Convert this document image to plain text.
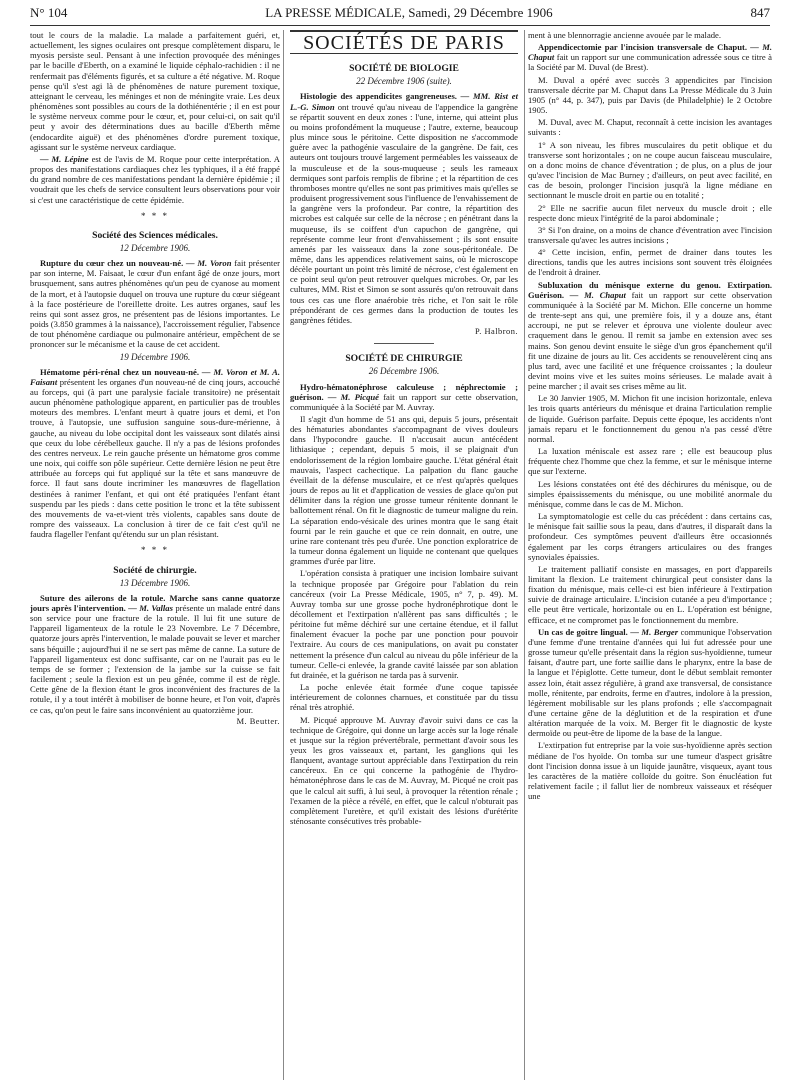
N° 104	LA PRESSE MÉDICALE, Samedi, 29 Décembre 1906	847

tout le cours de la maladie. La malade a parfaitement guéri, et, actuellement, les signes oculaires ont presque complètement disparu, le myosis persiste seul. Pensant à une infection provoquée des méninges par le bacille d'Eberth, on a examiné le liquide céphalo-rachidien : il ne renfermait pas d'éléments figurés, et sa culture a été négative. M. Roque pense qu'il s'est agi là de phénomènes de nature purement toxique, atteignant le cerveau, les méninges et non de méningite vraie. Les deux phénomènes sont possibles au cours de la dothiénentérie ; il en est pour le système nerveux comme pour le cœur, et, pour celui-ci, on sait qu'il peut y avoir des déterminations dues au bacille d'Eberth même (endocardite aiguë) et des phénomènes d'ordre purement toxique, agissant sur le système nerveux cardiaque.

— M. Lépine est de l'avis de M. Roque pour cette interprétation. A propos des manifestations cardiaques chez les typhiques, il a été frappé du grand nombre de ces manifestations pendant la dernière épidémie ; il voudrait que les chefs de service consultent leurs observations pour voir si c'est une caractéristique de cette épidémie.

* * *
Société des Sciences médicales.
12 Décembre 1906.

Rupture du cœur chez un nouveau-né. — M. Voron fait présenter par son interne, M. Faisaat, le cœur d'un enfant âgé de onze jours, mort brusquement, sans autres phénomènes qu'un peu de cyanose au moment de la mort, et à l'autopsie duquel on trouva une rupture du cœur siégeant à la face postérieure de l'oreillette droite. Les autres organes, sauf les reins qui sont assez gros, ne présentent pas de lésions importantes. Le poids (3.850 grammes à la naissance), l'accroissement régulier, l'absence de tout phénomène cardiaque ou pulmonaire antérieur, empêchent de se prononcer sur le mécanisme et la cause de cet accident.

19 Décembre 1906.

Hématome péri-rénal chez un nouveau-né. — M. Voron et M. A. Faisant présentent les organes d'un nouveau-né de cinq jours, accouché au forceps, qui (à part une paralysie faciale transitoire) ne présentait aucun phénomène pathologique apparent, en particulier pas de troubles moteurs des membres. L'enfant meurt à quatre jours et demi, et l'on trouve, à l'autopsie, une suffusion sanguine sous-dure-mérienne, à gauche, au niveau du lobe occipital dont les vaisseaux sont dilatés ainsi que ceux du lobe cérébelleux gauche. Il n'y a pas de lésions profondes des centres nerveux. Le rein gauche présente un hématome gros comme une noix, qui coiffe son pôle supérieur. Cette dernière lésion ne peut être attribuée au forceps qui fut appliqué sur la tête et sans manœuvre de force. Il faut sans doute incriminer les manœuvres de flagellation destinées à ranimer l'enfant, et qui ont été pratiquées l'enfant étant suspendu par les pieds : dans cette position le tronc et la tête subissent des mouvements de va-et-vient très violents, capables sans doute de rompre des vaisseaux. La conclusion à tirer de ce fait c'est qu'il ne faudra flageller l'enfant qu'étendu sur un plan résistant.

* * *
Société de chirurgie.
13 Décembre 1906.

Suture des ailerons de la rotule. Marche sans canne quatorze jours après l'intervention. — M. Vallas présente un malade entré dans son service pour une fracture de la rotule. Il lui fit une suture de l'appareil ligamenteux de la rotule le 23 Novembre. Le 7 Décembre, quatorze jours après l'intervention, le malade pouvait se lever et marcher sans béquille ; aujourd'hui il ne se sert pas même de canne. La suture de l'appareil ligamenteux est donc suffisante, car on ne l'aurait pas eu le temps de se former ; l'extension de la jambe sur la cuisse se fait facilement ; seule la flexion est un peu gênée, comme il est de règle. Cette gêne de la flexion étant le gros inconvénient des fractures de la rotule, il y a tout intérêt à mobiliser de bonne heure, et l'on voit, d'après ce cas, qu'on peut le faire sans inconvénient au quatorzième jour.

M. Beutter.
SOCIÉTÉS DE PARIS
SOCIÉTÉ DE BIOLOGIE
22 Décembre 1906 (suite).

Histologie des appendicites gangreneuses. — MM. Rist et L.-G. Simon ont trouvé qu'au niveau de l'appendice la gangrène se répartit souvent en deux zones : l'une, interne, qui atteint plus ou moins profondément la muqueuse ; l'autre, externe, beaucoup plus mince sous le péritoine. Cette disposition ne s'accommode guère avec la pathogénie vasculaire de la gangrène. De fait, ces auteurs ont toujours trouvé largement perméables les vaisseaux de la musculeuse et de la sous-muqueuse ; seuls les rameaux dermiques sont parfois remplis de fibrine ; et la répartition de ces thromboses montre qu'elles ne sont pas primitives mais qu'elles se produisent progressivement sous l'influence de l'envahissement de la gangrène vers la profondeur. Par contre, la répartition des microbes est calquée sur celle de la nécrose ; en pénétrant dans la muqueuse, ils se coiffent d'un capuchon de gangrène, qui représente comme leur front d'envahissement ; ils sont ensuite amenés par les vaisseaux dans la zone sous-péritonéale. De même, dans les appendices relativement sains, où le microscope décèle pourtant un point très limité de nécrose, c'est également en ce point seul qu'on peut retrouver quelques microbes. Or, par les cultures, MM. Rist et Simon se sont assurés qu'on retrouvait dans tous ces cas une flore anaérobie très riche, et l'on sait le rôle prépondérant de ces germes dans la production de toutes les gangrènes fétides.

P. Halbron.
SOCIÉTÉ DE CHIRURGIE
26 Décembre 1906.

Hydro-hématonéphrose calculeuse ; néphrectomie ; guérison. — M. Picqué fait un rapport sur cette observation, communiquée à la Société par M. Auvray.

Il s'agit d'un homme de 51 ans qui, depuis 5 jours, présentait des hématuries abondantes s'accompagnant de vives douleurs dans l'hypocondre gauche. Il n'accusait aucun antécédent lithiasique ; cependant, depuis 5 mois, il se plaignait d'un endolorissement de la région lombaire gauche. L'état général était mauvais, l'aspect cachectique. La palpation du flanc gauche éveillait de la défense musculaire, et ce n'est qu'après quelques jours de repos au lit et d'application de vessies de glace qu'on put délimiter dans la région une grosse tumeur rénitente donnant le ballottement rénal. On fit le diagnostic de tumeur maligne du rein. La séparation endo-vésicale des urines montra que le sang était fourni par le rein gauche et que ce rein donnait, en outre, une urine rare contenant très peu d'urée. Une ponction exploratrice de la tumeur donna également un liquide ne contenant que quelques grammes d'urée par litre.

L'opération consista à pratiquer une incision lombaire suivant la technique proposée par Grégoire pour l'ablation du rein cancéreux (voir La Presse Médicale, 1905, n° 7, p. 49). M. Auvray tomba sur une grosse poche hydronéphrotique dont le décollement et l'extirpation n'allèrent pas sans difficultés ; le péritoine fut même déchiré sur une certaine étendue, et il fallut finalement évacuer la poche par une ponction pour pouvoir l'extraire. Au cours de ces manipulations, on avait pu constater nettement la présence d'un calcul au niveau du pôle inférieur de la tumeur. Celle-ci enlevée, la grande cavité laissée par son ablation fut drainée, et la guérison ne tarda pas à survenir.

La poche enlevée était formée d'une coque tapissée intérieurement de colonnes charnues, et constituée par du tissu rénal très atrophié.

M. Picqué approuve M. Auvray d'avoir suivi dans ce cas la technique de Grégoire, qui donne un large accès sur la loge rénale et jusque sur la région prévertébrale, permettant d'avoir sous les yeux les gros vaisseaux et, partant, les ganglions qui les flanquent, avantage surtout appréciable dans l'extirpation du rein cancéreux. En ce qui concerne la pathogénie de l'hydro-hématonéphrose dans le cas de M. Auvray, M. Picqué ne croit pas que le calcul ait suffi, à lui seul, à provoquer la rétention rénale ; l'examen de la pièce a révélé, en effet, que le calcul n'obturait pas complètement l'uretère, et qu'il existait des lésions d'urétérite sténosante consécutives très probable-

ment à une blennorragie ancienne avouée par le malade.

Appendicectomie par l'incision transversale de Chaput. — M. Chaput fait un rapport sur une communication adressée sous ce titre à la Société par M. Duval (de Brest).

M. Duval a opéré avec succès 3 appendicites par l'incision transversale décrite par M. Chaput dans La Presse Médicale du 3 Juin 1905 (n° 44, p. 347), puis par Davis (de Philadelphie) le 2 Octobre 1905.

M. Duval, avec M. Chaput, reconnaît à cette incision les avantages suivants :

1° A son niveau, les fibres musculaires du petit oblique et du transverse sont horizontales ; on ne coupe aucun faisceau musculaire, on a donc moins de chance d'éventration ; de plus, on a plus de jour qu'avec l'incision de Mac Burney ; d'ailleurs, on peut avec facilité, en cas de besoin, prolonger l'incision jusqu'à la ligne médiane en sectionnant le muscle droit en partie ou en totalité ;

2° Elle ne sacrifie aucun filet nerveux du muscle droit ; elle respecte donc mieux l'intégrité de la paroi abdominale ;

3° Si l'on draine, on a moins de chance d'éventration avec l'incision transversale qu'avec les autres incisions ;

4° Cette incision, enfin, permet de drainer dans toutes les directions, tandis que les autres incisions sont souvent très éloignées de l'endroit à drainer.

Subluxation du ménisque externe du genou. Extirpation. Guérison. — M. Chaput fait un rapport sur cette observation communiquée à la Société par M. Michon. Elle concerne un homme de trente-sept ans qui, une première fois, il y a douze ans, étant accroupi, ne put se relever et éprouva une violente douleur avec craquement dans le genou. Il remit sa jambe en extension avec ses mains. Son genou devint ensuite le siège d'un gros épanchement qu'il fit une dizaine de jours au lit. Ces accidents se renouvelèrent cinq ans plus tard, avec une facilité et une fréquence croissantes ; la douleur devint moins vive et les suites moins sérieuses. Le malade avait à peine marcher ; il avait ses crises même au lit.

Le 30 Janvier 1905, M. Michon fit une incision horizontale, enleva les trois quarts antérieurs du ménisque et draina l'articulation remplie de liquide. Guérison parfaite. Depuis cette époque, les accidents n'ont jamais reparu et le fonctionnement du genou n'a pas cessé d'être normal.

La luxation méniscale est assez rare ; elle est beaucoup plus fréquente chez l'homme que chez la femme, et sur le ménisque interne que sur l'externe.

Les lésions constatées ont été des déchirures du ménisque, ou de simples épaississements du ménisque, ou une mobilité anormale du ménisque, comme dans le cas de M. Michon.

La symptomatologie est celle du cas précédent : dans certains cas, le ménisque fait saillie sous la peau, dans d'autres, il disparaît dans la profondeur. Ces symptômes peuvent d'ailleurs être occasionnés également par les corps étrangers articulaires ou des franges synoviales épaissies.

Le traitement palliatif consiste en massages, en port d'appareils limitant la flexion. Le traitement chirurgical peut consister dans la fixation du ménisque, mais celle-ci est bien inférieure à l'extirpation suivie de drainage articulaire. L'incision cutanée a peu d'importance ; elle peut être verticale, horizontale ou en L. L'opération est bénigne, efficace, et ne compromet pas le fonctionnement du membre.

Un cas de goitre lingual. — M. Berger communique l'observation d'une femme d'une trentaine d'années qui lui fut adressée pour une grosse tumeur qu'elle présentait dans la région sus-hyoïdienne, tumeur faisant, d'autre part, une forte saillie dans le pharynx, entre la base de la langue et l'épiglotte. Cette tumeur, dont le début semblait remonter assez loin, était assez régulière, à grand axe transversal, de consistance molle, rénitente, par endroits, ferme en d'autres, indolore à la pression, légèrement mobilisable sur les plans profonds ; elle s'accompagnait d'une certaine gêne de la déglutition et de la respiration et d'une altération marquée de la voix. M. Berger fit le diagnostic de kyste dermoïde ou peut-être de lipome de la base de la langue.

L'extirpation fut entreprise par la voie sus-hyoïdienne après section médiane de l'os hyoïde. On tomba sur une tumeur d'aspect grisâtre dont l'incision donna issue à un liquide jaunâtre, visqueux, ayant tous les caractères de la matière colloïde du goitre. Son énucléation fut relativement facile ; il fallut lier de nombreux vaisseaux et réséquer une
